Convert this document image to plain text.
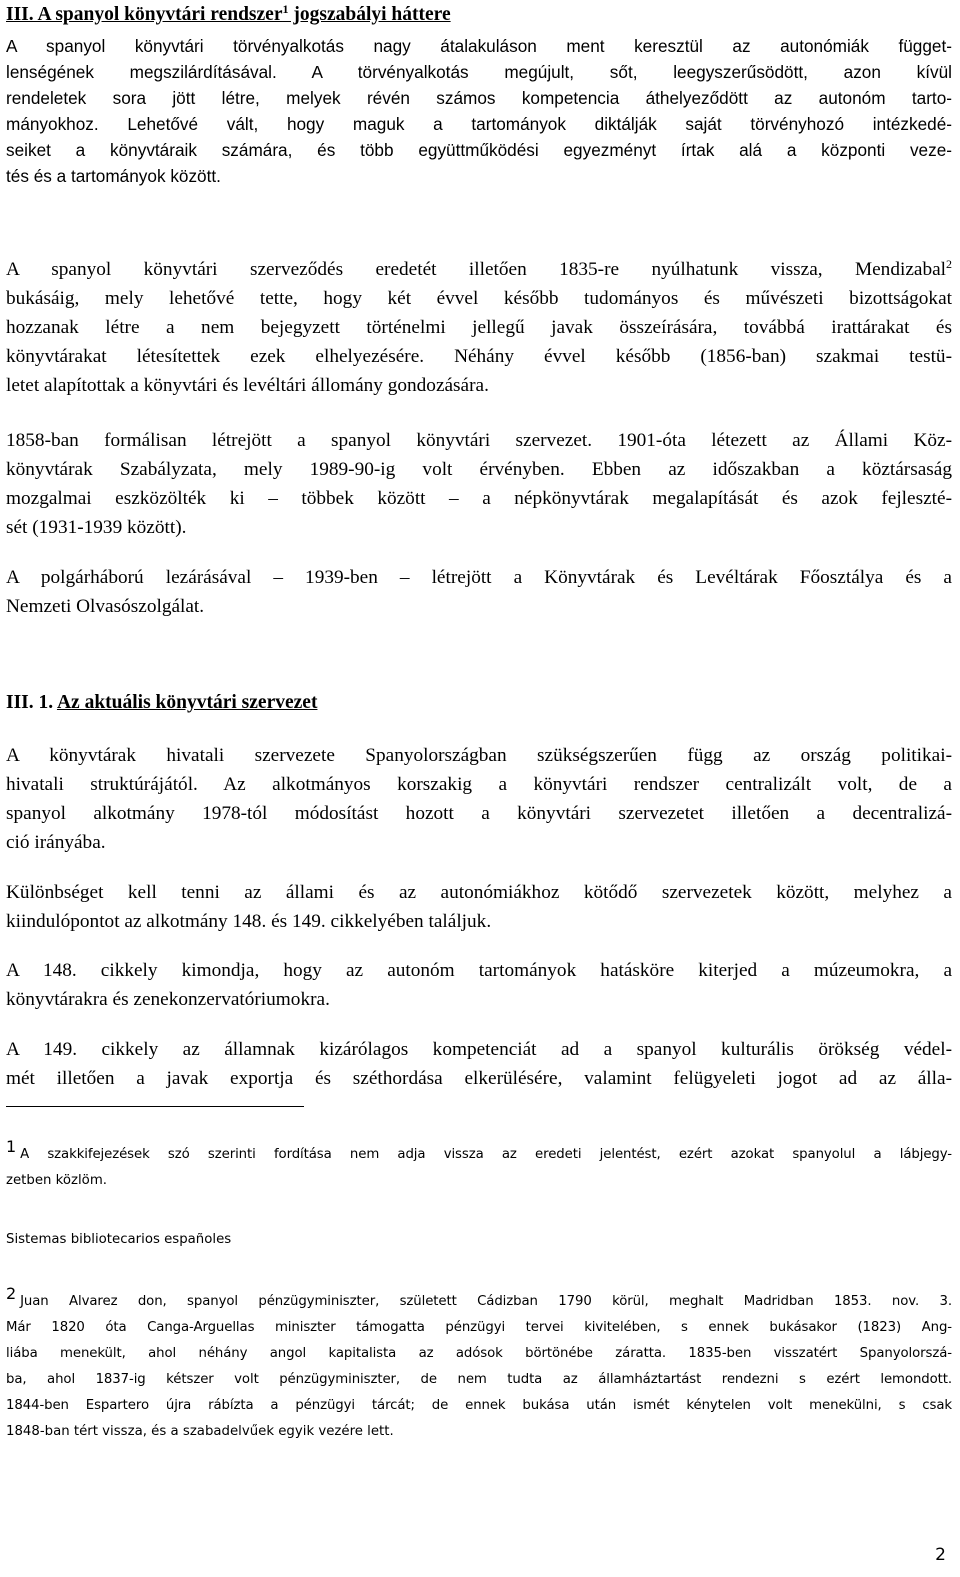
III. A spanyol könyvtári rendszer$^1$ jogszabályi háttere

A spanyol könyvtári törvényalkotás nagy átalakuláson ment keresztül az autonómiák függet-
lenségének megszilárdításával. A törvényalkotás megújult, sőt, leegyszerűsödött, azon kívül
rendeletek sora jött létre, melyek révén számos kompetencia áthelyeződött az autonóm tarto-
mányokhoz. Lehetővé vált, hogy maguk a tartományok diktálják saját törvényhozó intézkedé-
seiket a könyvtáraik számára, és több együttműködési egyezményt írtak alá a központi veze-
tés és a tartományok között.

A spanyol könyvtári szerveződés eredetét illetően 1835-re nyúlhatunk vissza, Mendizabal$^2$
bukásáig, mely lehetővé tette, hogy két évvel később tudományos és művészeti bizottságokat
hozzanak létre a nem bejegyzett történelmi jellegű javak összeírására, továbbá irattárakat és
könyvtárakat létesítettek ezek elhelyezésére. Néhány évvel később (1856-ban) szakmai testü-
letet alapítottak a könyvtári és levéltári állomány gondozására.

1858-ban formálisan létrejött a spanyol könyvtári szervezet. 1901-óta létezett az Állami Köz-
könyvtárak Szabályzata, mely 1989-90-ig volt érvényben. Ebben az időszakban a köztársaság
mozgalmai eszközölték ki – többek között – a népkönyvtárak megalapítását és azok fejleszté-
sét (1931-1939 között).

A polgárháború lezárásával – 1939-ben – létrejött a Könyvtárak és Levéltárak Főosztálya és a
Nemzeti Olvasószolgálat.

III. 1. Az aktuális könyvtári szervezet

A könyvtárak hivatali szervezete Spanyolországban szükségszerűen függ az ország politikai-
hivatali struktúrájától. Az alkotmányos korszakig a könyvtári rendszer centralizált volt, de a
spanyol alkotmány 1978-tól módosítást hozott a könyvtári szervezetet illetően a decentralizá-
ció irányába.

Különbséget kell tenni az állami és az autonómiákhoz kötődő szervezetek között, melyhez a
kiindulópontot az alkotmány 148. és 149. cikkelyében találjuk.

A 148. cikkely kimondja, hogy az autonóm tartományok hatásköre kiterjed a múzeumokra, a
könyvtárakra és zenekonzervatóriumokra.

A 149. cikkely az államnak kizárólagos kompetenciát ad a spanyol kulturális örökség védel-
mét illetően a javak exportja és széthordása elkerülésére, valamint felügyeleti jogot ad az álla-

1 A szakkifejezések szó szerinti fordítása nem adja vissza az eredeti jelentést, ezért azokat spanyolul a lábjegy-
zetben közlöm.
Sistemas bibliotecarios españoles
2 Juan Alvarez don, spanyol pénzügyminiszter, született Cádizban 1790 körül, meghalt Madridban 1853. nov. 3.
Már 1820 óta Canga-Arguellas miniszter támogatta pénzügyi tervei kivitelében, s ennek bukásakor (1823) Ang-
liába menekült, ahol néhány angol kapitalista az adósok börtönébe záratta. 1835-ben visszatért Spanyolorszá-
ba, ahol 1837-ig kétszer volt pénzügyminiszter, de nem tudta az államháztartást rendezni s ezért lemondott.
1844-ben Espartero újra rábízta a pénzügyi tárcát; de ennek bukása után ismét kénytelen volt menekülni, s csak
1848-ban tért vissza, és a szabadelvűek egyik vezére lett.
2
